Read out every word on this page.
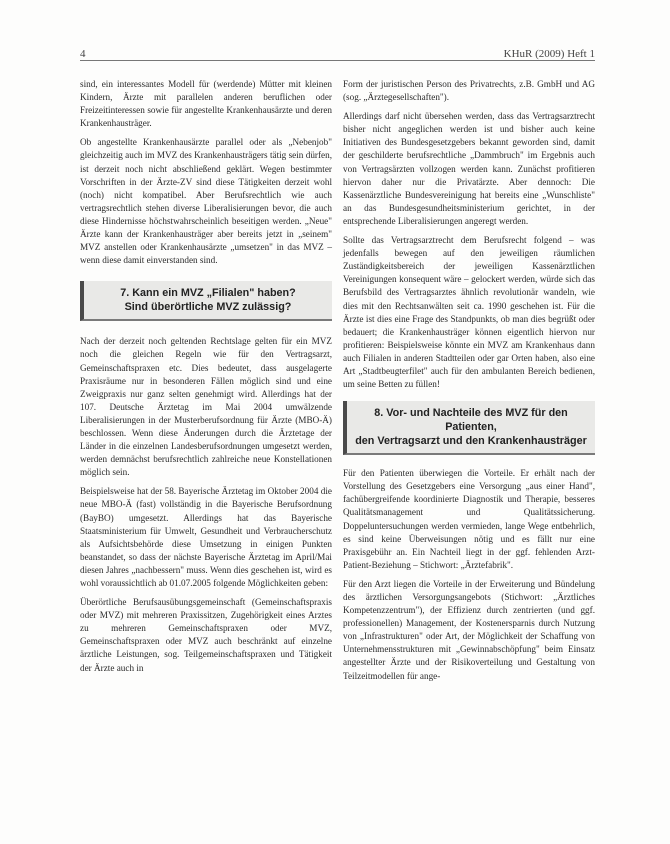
4	KHuR (2009) Heft 1

sind, ein interessantes Modell für (werdende) Mütter mit kleinen Kindern, Ärzte mit parallelen anderen beruflichen oder Freizeitinteressen sowie für angestellte Krankenhausärzte und deren Krankenhausträger.

Ob angestellte Krankenhausärzte parallel oder als „Nebenjob" gleichzeitig auch im MVZ des Krankenhausträgers tätig sein dürfen, ist derzeit noch nicht abschließend geklärt. Wegen bestimmter Vorschriften in der Ärzte-ZV sind diese Tätigkeiten derzeit wohl (noch) nicht kompatibel. Aber Berufsrechtlich wie auch vertragsrechtlich stehen diverse Liberalisierungen bevor, die auch diese Hindernisse höchstwahrscheinlich beseitigen werden. „Neue" Ärzte kann der Krankenhausträger aber bereits jetzt in „seinem" MVZ anstellen oder Krankenhausärzte „umsetzen" in das MVZ – wenn diese damit einverstanden sind.

7. Kann ein MVZ „Filialen" haben?
Sind überörtliche MVZ zulässig?

Nach der derzeit noch geltenden Rechtslage gelten für ein MVZ noch die gleichen Regeln wie für den Vertragsarzt, Gemeinschaftspraxen etc. Dies bedeutet, dass ausgelagerte Praxisräume nur in besonderen Fällen möglich sind und eine Zweigpraxis nur ganz selten genehmigt wird. Allerdings hat der 107. Deutsche Ärztetag im Mai 2004 umwälzende Liberalisierungen in der Musterberufsordnung für Ärzte (MBO-Ä) beschlossen. Wenn diese Änderungen durch die Ärztetage der Länder in die einzelnen Landesberufsordnungen umgesetzt werden, werden demnächst berufsrechtlich zahlreiche neue Konstellationen möglich sein.

Beispielsweise hat der 58. Bayerische Ärztetag im Oktober 2004 die neue MBO-Ä (fast) vollständig in die Bayerische Berufsordnung (BayBO) umgesetzt. Allerdings hat das Bayerische Staatsministerium für Umwelt, Gesundheit und Verbraucherschutz als Aufsichtsbehörde diese Umsetzung in einigen Punkten beanstandet, so dass der nächste Bayerische Ärztetag im April/Mai diesen Jahres „nachbessern" muss. Wenn dies geschehen ist, wird es wohl voraussichtlich ab 01.07.2005 folgende Möglichkeiten geben:

Überörtliche Berufsausübungsgemeinschaft (Gemeinschaftspraxis oder MVZ) mit mehreren Praxissitzen, Zugehörigkeit eines Arztes zu mehreren Gemeinschaftspraxen oder MVZ, Gemeinschaftspraxen oder MVZ auch beschränkt auf einzelne ärztliche Leistungen, sog. Teilgemeinschaftspraxen und Tätigkeit der Ärzte auch in

Form der juristischen Person des Privatrechts, z.B. GmbH und AG (sog. „Ärztegesellschaften").

Allerdings darf nicht übersehen werden, dass das Vertragsarztrecht bisher nicht angeglichen werden ist und bisher auch keine Initiativen des Bundesgesetzgebers bekannt geworden sind, damit der geschilderte berufsrechtliche „Dammbruch" im Ergebnis auch von Vertragsärzten vollzogen werden kann. Zunächst profitieren hiervon daher nur die Privatärzte. Aber dennoch: Die Kassenärztliche Bundesvereinigung hat bereits eine „Wunschliste" an das Bundesgesundheitsministerium gerichtet, in der entsprechende Liberalisierungen angeregt werden.

Sollte das Vertragsarztrecht dem Berufsrecht folgend – was jedenfalls bewegen auf den jeweiligen räumlichen Zuständigkeitsbereich der jeweiligen Kassenärztlichen Vereinigungen konsequent wäre – gelockert werden, würde sich das Berufsbild des Vertragsarztes ähnlich revolutionär wandeln, wie dies mit den Rechtsanwälten seit ca. 1990 geschehen ist. Für die Ärzte ist dies eine Frage des Standpunkts, ob man dies begrüßt oder bedauert; die Krankenhausträger können eigentlich hiervon nur profitieren: Beispielsweise könnte ein MVZ am Krankenhaus dann auch Filialen in anderen Stadtteilen oder gar Orten haben, also eine Art „Stadtbeugterfilet" auch für den ambulanten Bereich bedienen, um seine Betten zu füllen!

8. Vor- und Nachteile des MVZ für den Patienten,
den Vertragsarzt und den Krankenhausträger

Für den Patienten überwiegen die Vorteile. Er erhält nach der Vorstellung des Gesetzgebers eine Versorgung „aus einer Hand", fachübergreifende koordinierte Diagnostik und Therapie, besseres Qualitätsmanagement und Qualitätssicherung. Doppeluntersuchungen werden vermieden, lange Wege entbehrlich, es sind keine Überweisungen nötig und es fällt nur eine Praxisgebühr an. Ein Nachteil liegt in der ggf. fehlenden Arzt-Patient-Beziehung – Stichwort: „Ärztefabrik".

Für den Arzt liegen die Vorteile in der Erweiterung und Bündelung des ärztlichen Versorgungsangebots (Stichwort: „Ärztliches Kompetenzzentrum"), der Effizienz durch zentrierten (und ggf. professionellen) Management, der Kostenersparnis durch Nutzung von „Infrastrukturen" oder Art, der Möglichkeit der Schaffung von Unternehmensstrukturen mit „Gewinnabschöpfung" beim Einsatz angestellter Ärzte und der Risikoverteilung und Gestaltung von Teilzeitmodellen für ange-
